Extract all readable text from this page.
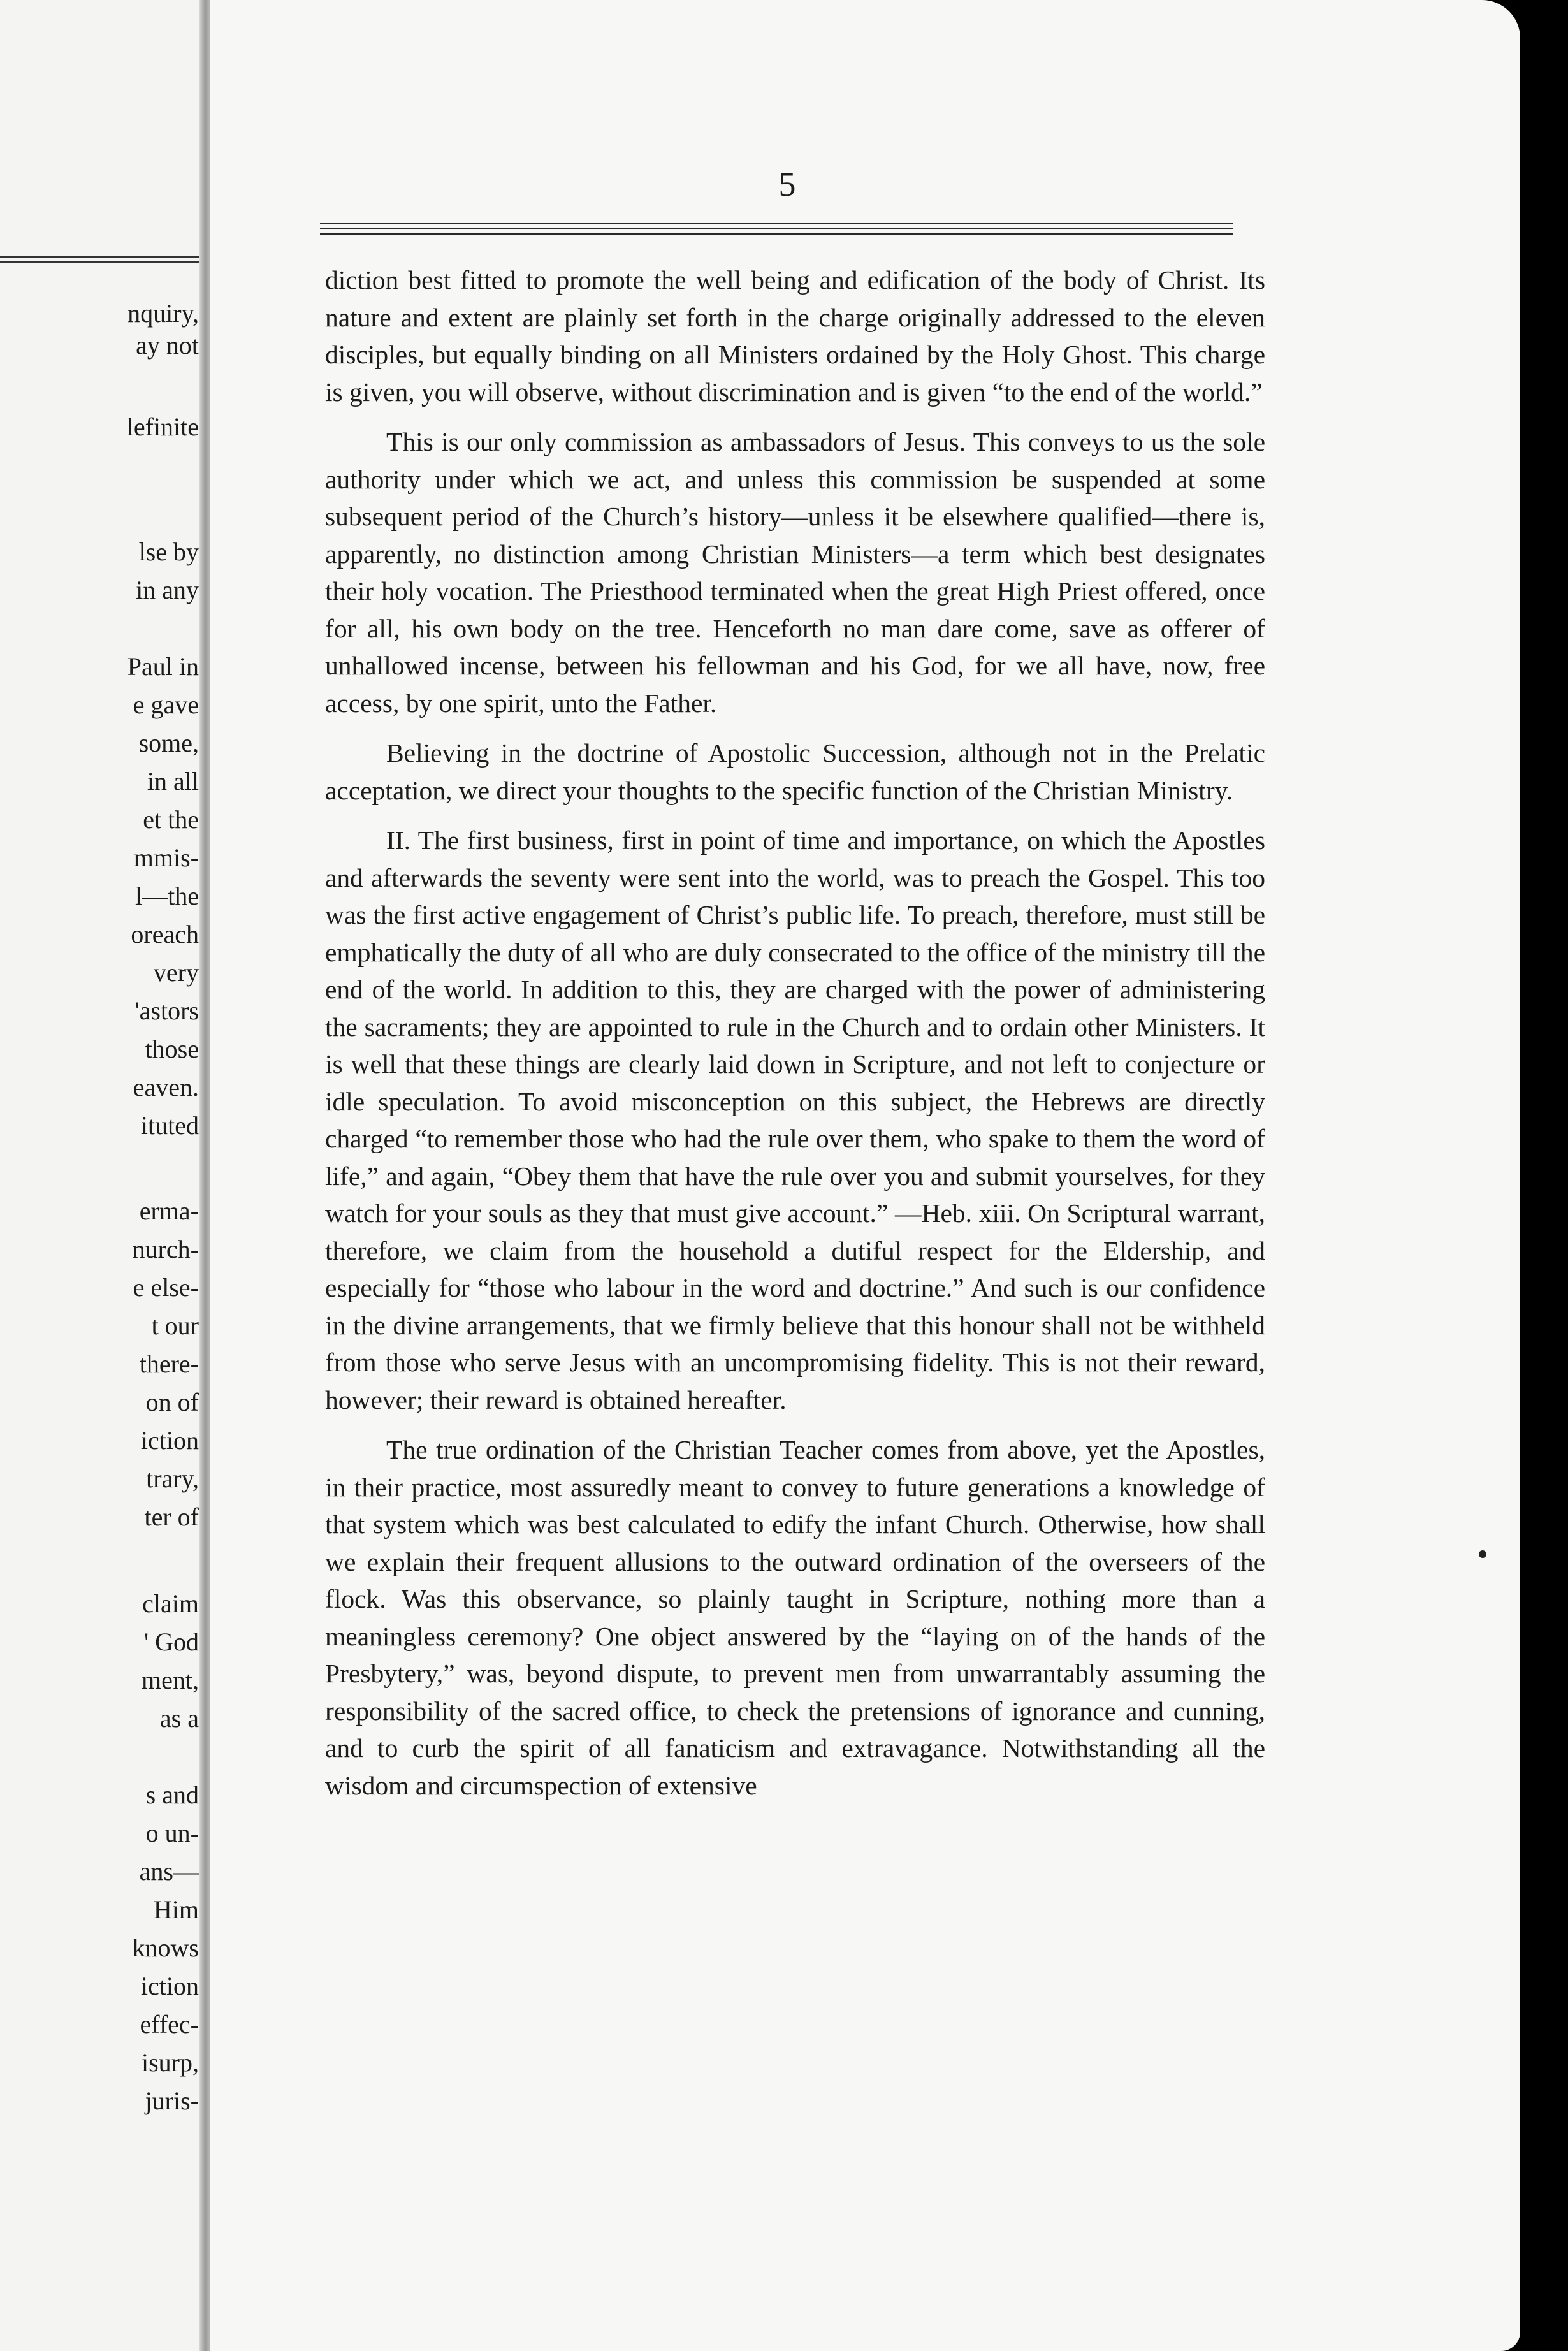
nquiry,
ay not
lefinite
lse by
in any
Paul in
e gave
some,
in all
et the
mmis-
l—the
oreach
very
'astors
those
eaven.
ituted
erma-
nurch-
e else-
t our
there-
on of
iction
trary,
ter of
claim
' God
ment,
as a
s and
o un-
ans—
Him
knows
iction
effec-
isurp,
juris-
5

diction best fitted to promote the well being and edification of the body of Christ. Its nature and extent are plainly set forth in the charge originally addressed to the eleven disciples, but equally binding on all Ministers ordained by the Holy Ghost. This charge is given, you will observe, without discrimination and is given “to the end of the world.”

This is our only commission as ambassadors of Jesus. This conveys to us the sole authority under which we act, and unless this commission be suspended at some subsequent period of the Church’s history—unless it be elsewhere qualified—there is, apparently, no distinction among Christian Ministers—a term which best designates their holy vocation. The Priesthood terminated when the great High Priest offered, once for all, his own body on the tree. Henceforth no man dare come, save as offerer of unhallowed incense, between his fellowman and his God, for we all have, now, free access, by one spirit, unto the Father.

Believing in the doctrine of Apostolic Succession, although not in the Prelatic acceptation, we direct your thoughts to the specific function of the Christian Ministry.

II. The first business, first in point of time and importance, on which the Apostles and afterwards the seventy were sent into the world, was to preach the Gospel. This too was the first active engagement of Christ’s public life. To preach, therefore, must still be emphatically the duty of all who are duly consecrated to the office of the ministry till the end of the world. In addition to this, they are charged with the power of administering the sacraments; they are appointed to rule in the Church and to ordain other Ministers. It is well that these things are clearly laid down in Scripture, and not left to conjecture or idle speculation. To avoid misconception on this subject, the Hebrews are directly charged “to remember those who had the rule over them, who spake to them the word of life,” and again, “Obey them that have the rule over you and submit yourselves, for they watch for your souls as they that must give account.” —Heb. xiii. On Scriptural warrant, therefore, we claim from the household a dutiful respect for the Eldership, and especially for “those who labour in the word and doctrine.” And such is our confidence in the divine arrangements, that we firmly believe that this honour shall not be withheld from those who serve Jesus with an uncompromising fidelity. This is not their reward, however; their reward is obtained hereafter.

The true ordination of the Christian Teacher comes from above, yet the Apostles, in their practice, most assuredly meant to convey to future generations a knowledge of that system which was best calculated to edify the infant Church. Otherwise, how shall we explain their frequent allusions to the outward ordination of the overseers of the flock. Was this observance, so plainly taught in Scripture, nothing more than a meaningless ceremony? One object answered by the “laying on of the hands of the Presbytery,” was, beyond dispute, to prevent men from unwarrantably assuming the responsibility of the sacred office, to check the pretensions of ignorance and cunning, and to curb the spirit of all fanaticism and extravagance. Notwithstanding all the wisdom and circumspection of extensive
